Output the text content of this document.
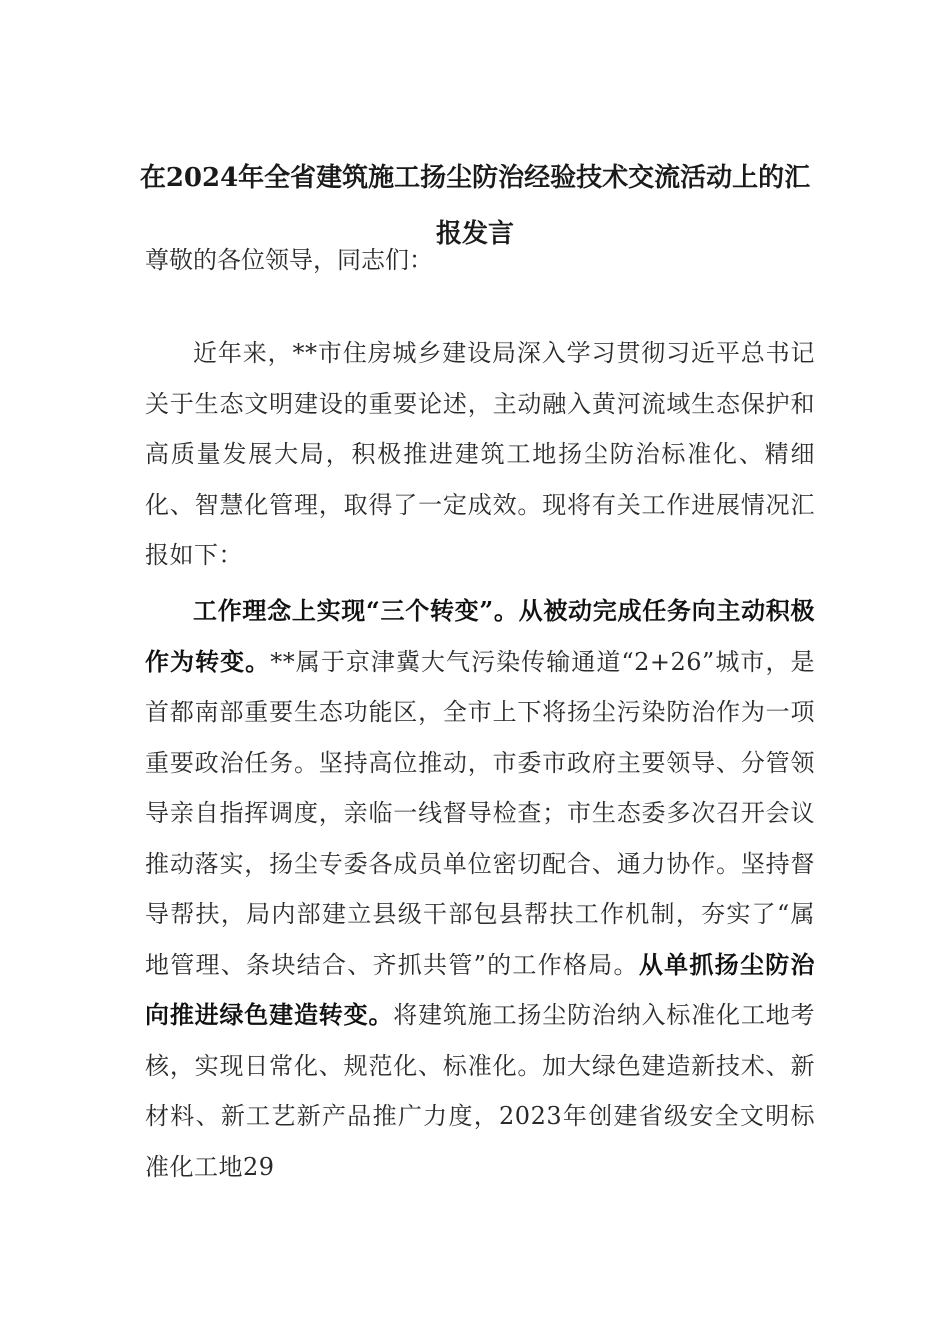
在2024年全省建筑施工扬尘防治经验技术交流活动上的汇
报发言

尊敬的各位领导，同志们：

近年来，**市住房城乡建设局深入学习贯彻习近平总书记关于生态文明建设的重要论述，主动融入黄河流域生态保护和高质量发展大局，积极推进建筑工地扬尘防治标准化、精细化、智慧化管理，取得了一定成效。现将有关工作进展情况汇报如下：

工作理念上实现“三个转变”。从被动完成任务向主动积极作为转变。**属于京津冀大气污染传输通道“2+26”城市，是首都南部重要生态功能区，全市上下将扬尘污染防治作为一项重要政治任务。坚持高位推动，市委市政府主要领导、分管领导亲自指挥调度，亲临一线督导检查；市生态委多次召开会议推动落实，扬尘专委各成员单位密切配合、通力协作。坚持督导帮扶，局内部建立县级干部包县帮扶工作机制，夯实了“属地管理、条块结合、齐抓共管”的工作格局。从单抓扬尘防治向推进绿色建造转变。将建筑施工扬尘防治纳入标准化工地考核，实现日常化、规范化、标准化。加大绿色建造新技术、新材料、新工艺新产品推广力度，2023年创建省级安全文明标准化工地29
